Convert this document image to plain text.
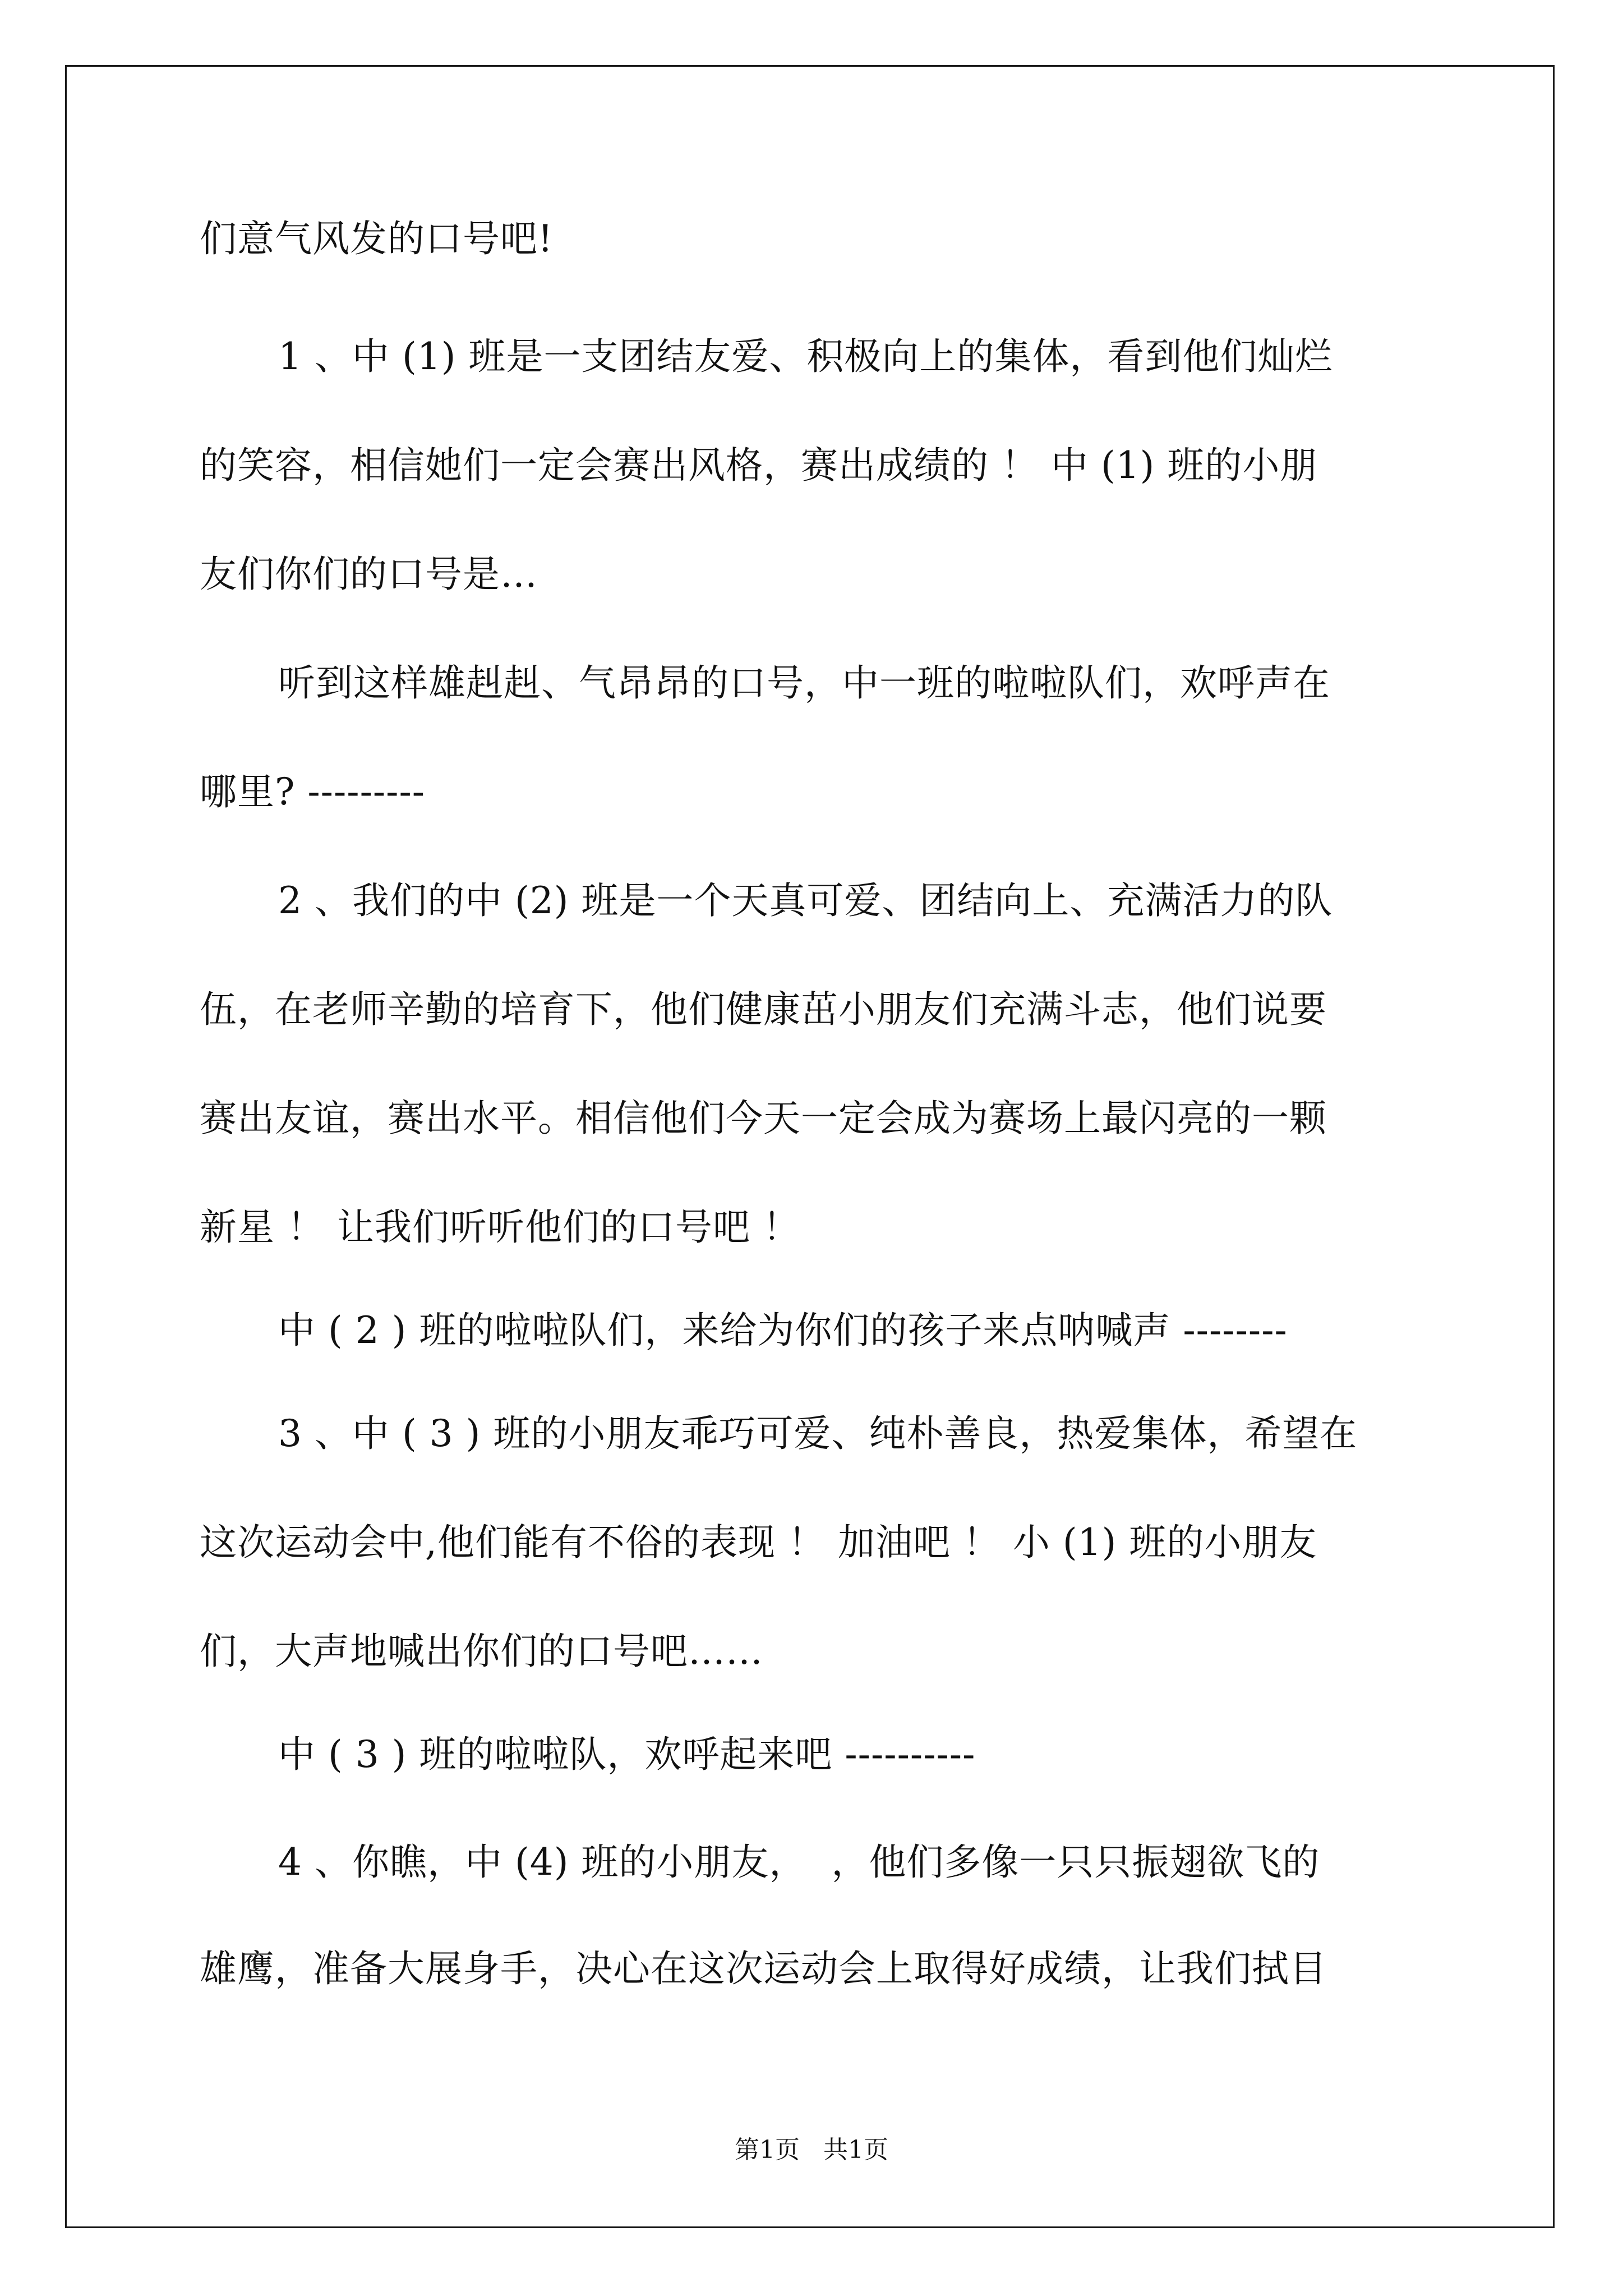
们意气风发的口号吧!
1 、中 (1) 班是一支团结友爱、积极向上的集体，看到他们灿烂
的笑容，相信她们一定会赛出风格，赛出成绩的 ！ 中 (1) 班的小朋
友们你们的口号是…
听到这样雄赳赳、气昂昂的口号，中一班的啦啦队们，欢呼声在
哪里? ---------
2 、我们的中 (2) 班是一个天真可爱、团结向上、充满活力的队
伍，在老师辛勤的培育下，他们健康茁小朋友们充满斗志，他们说要
赛出友谊，赛出水平。相信他们今天一定会成为赛场上最闪亮的一颗
新星 ！ 让我们听听他们的口号吧 ！
中 ( 2 ) 班的啦啦队们，来给为你们的孩子来点呐喊声 --------
3 、中 ( 3 ) 班的小朋友乖巧可爱、纯朴善良，热爱集体，希望在
这次运动会中,他们能有不俗的表现 ！ 加油吧 ！ 小 (1) 班的小朋友
们，大声地喊出你们的口号吧……
中 ( 3 ) 班的啦啦队，欢呼起来吧 ----------
4 、你瞧，中 (4) 班的小朋友，  ，他们多像一只只振翅欲飞的
雄鹰，准备大展身手，决心在这次运动会上取得好成绩，让我们拭目
第1页   共1页
